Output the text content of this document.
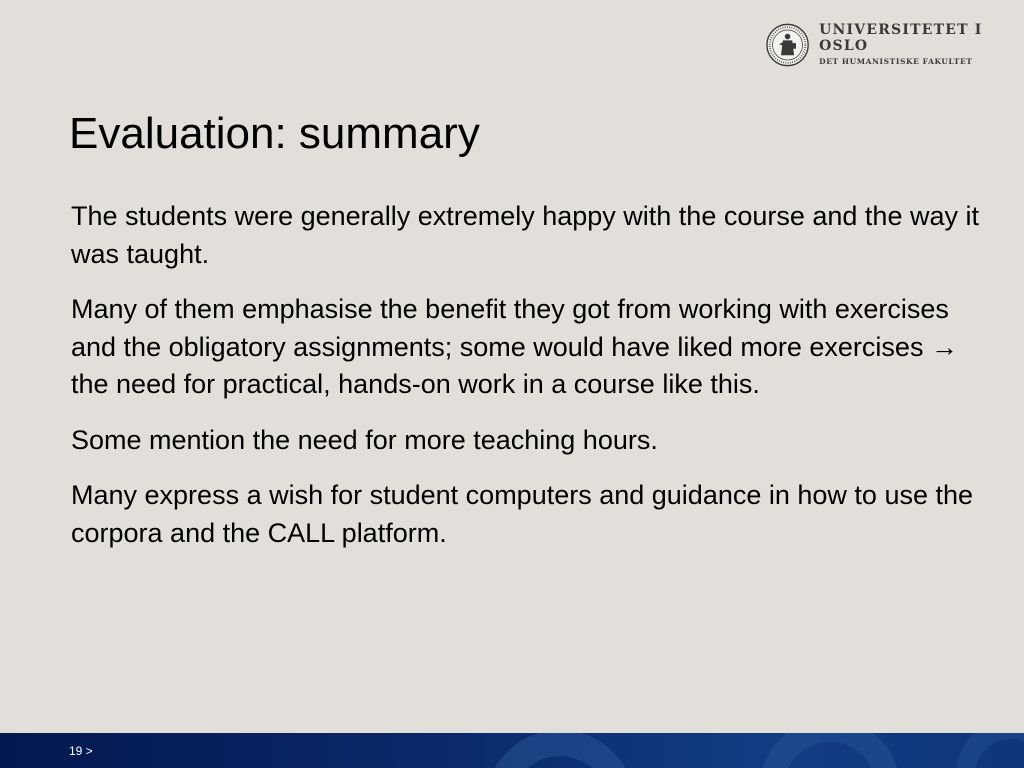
UNIVERSITETET I OSLO
DET HUMANISTISKE FAKULTET
Evaluation: summary

The students were generally extremely happy with the course and the way it was taught.

Many of them emphasise the benefit they got from working with exercises and the obligatory assignments; some would have liked more exercises → the need for practical, hands-on work in a course like this.

Some mention the need for more teaching hours.

Many express a wish for student computers and guidance in how to use the corpora and the CALL platform.

19 >
